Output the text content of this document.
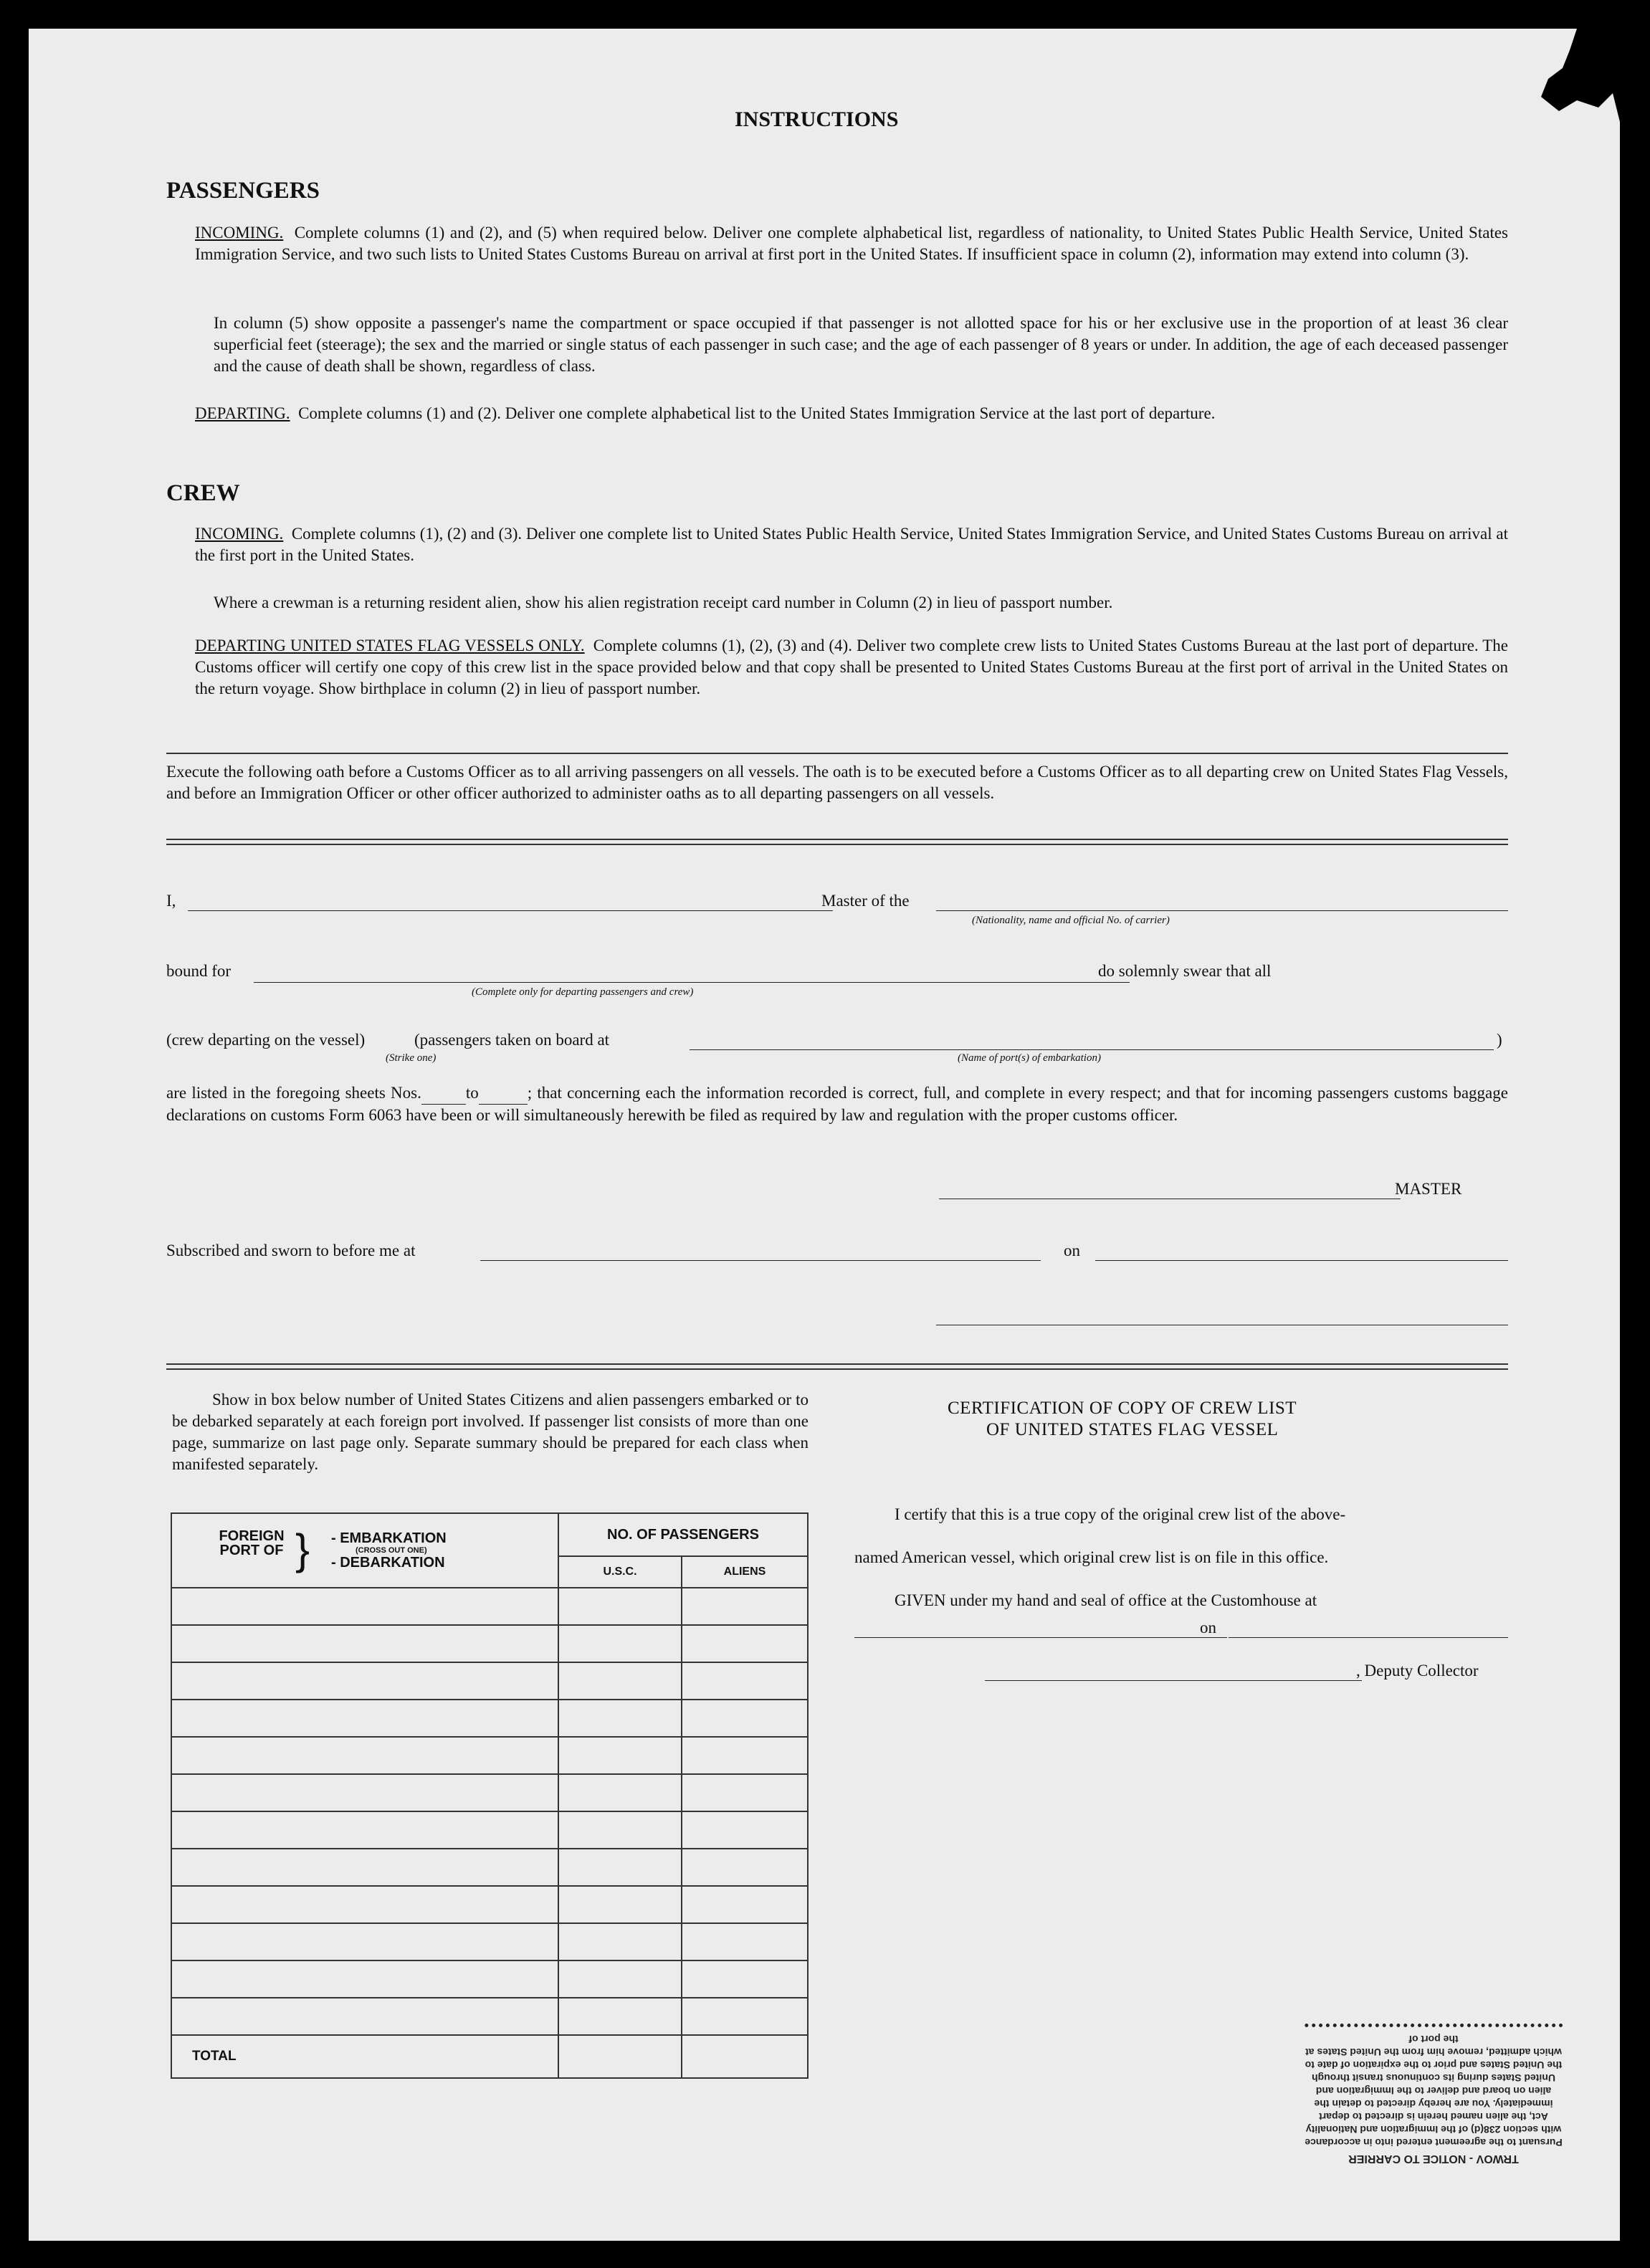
INSTRUCTIONS
PASSENGERS
INCOMING. Complete columns (1) and (2), and (5) when required below. Deliver one complete alphabetical list, regardless of nationality, to United States Public Health Service, United States Immigration Service, and two such lists to United States Customs Bureau on arrival at first port in the United States. If insufficient space in column (2), information may extend into column (3).
In column (5) show opposite a passenger's name the compartment or space occupied if that passenger is not allotted space for his or her exclusive use in the proportion of at least 36 clear superficial feet (steerage); the sex and the married or single status of each passenger in such case; and the age of each passenger of 8 years or under. In addition, the age of each deceased passenger and the cause of death shall be shown, regardless of class.
DEPARTING. Complete columns (1) and (2). Deliver one complete alphabetical list to the United States Immigration Service at the last port of departure.
CREW
INCOMING. Complete columns (1), (2) and (3). Deliver one complete list to United States Public Health Service, United States Immigration Service, and United States Customs Bureau on arrival at the first port in the United States.
Where a crewman is a returning resident alien, show his alien registration receipt card number in Column (2) in lieu of passport number.
DEPARTING UNITED STATES FLAG VESSELS ONLY. Complete columns (1), (2), (3) and (4). Deliver two complete crew lists to United States Customs Bureau at the last port of departure. The Customs officer will certify one copy of this crew list in the space provided below and that copy shall be presented to United States Customs Bureau at the first port of arrival in the United States on the return voyage. Show birthplace in column (2) in lieu of passport number.
Execute the following oath before a Customs Officer as to all arriving passengers on all vessels. The oath is to be executed before a Customs Officer as to all departing crew on United States Flag Vessels, and before an Immigration Officer or other officer authorized to administer oaths as to all departing passengers on all vessels.
I,	Master of the
(Nationality, name and official No. of carrier)
bound for
(Complete only for departing passengers and crew)
do solemnly swear that all
(crew departing on the vessel)	(passengers taken on board at	)
(Strike one)	(Name of port(s) of embarkation)
are listed in the foregoing sheets Nos.	to	; that concerning each the information recorded is correct, full, and complete in every respect; and that for incoming passengers customs baggage declarations on customs Form 6063 have been or will simultaneously herewith be filed as required by law and regulation with the proper customs officer.
MASTER
Subscribed and sworn to before me at	on
Show in box below number of United States Citizens and alien passengers embarked or to be debarked separately at each foreign port involved. If passenger list consists of more than one page, summarize on last page only. Separate summary should be prepared for each class when manifested separately.
FOREIGN PORT OF } - EMBARKATION
(CROSS OUT ONE)
- DEBARKATION	NO. OF PASSENGERS	
	U.S.C.	ALIENS

TOTAL		
CERTIFICATION OF COPY OF CREW LIST
OF UNITED STATES FLAG VESSEL
I certify that this is a true copy of the original crew list of the above-
named American vessel, which original crew list is on file in this office.
GIVEN under my hand and seal of office at the Customhouse at
on
, Deputy Collector
TRWOV - NOTICE TO CARRIER
Pursuant to the agreement entered into in accordance with section 238(d) of the Immigration and Nationality Act, the alien named herein is directed to depart immediately. You are hereby directed to detain the alien on board and deliver to the Immigration and United States during its continuous transit through the United States and prior to the expiration of date to which admitted, remove him from the United States at the port of
